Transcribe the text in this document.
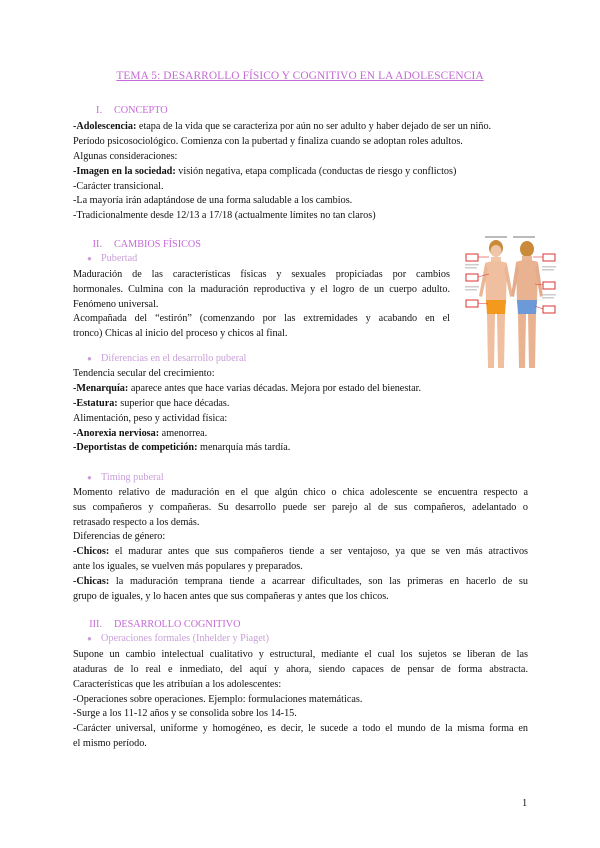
TEMA 5: DESARROLLO FÍSICO Y COGNITIVO EN LA ADOLESCENCIA
I. CONCEPTO
-Adolescencia: etapa de la vida que se caracteriza por aún no ser adulto y haber dejado de ser un niño.
Período psicosociológico. Comienza con la pubertad y finaliza cuando se adoptan roles adultos.
Algunas consideraciones:
-Imagen en la sociedad: visión negativa, etapa complicada (conductas de riesgo y conflictos)
-Carácter transicional.
-La mayoría irán adaptándose de una forma saludable a los cambios.
-Tradicionalmente desde 12/13 a 17/18 (actualmente límites no tan claros)
II. CAMBIOS FÍSICOS
● Pubertad
Maduración de las características físicas y sexuales propiciadas por cambios
hormonales. Culmina con la maduración reproductiva y el logro de un cuerpo adulto.
Fenómeno universal.
Acompañada del “estirón” (comenzando por las extremidades y acabando en el
tronco) Chicas al inicio del proceso y chicos al final.
● Diferencias en el desarrollo puberal
Tendencia secular del crecimiento:
-Menarquía: aparece antes que hace varias décadas. Mejora por estado del bienestar.
-Estatura: superior que hace décadas.
Alimentación, peso y actividad física:
-Anorexia nerviosa: amenorrea.
-Deportistas de competición: menarquía más tardía.
● Timing puberal
Momento relativo de maduración en el que algún chico o chica adolescente se encuentra respecto a
sus compañeros y compañeras. Su desarrollo puede ser parejo al de sus compañeros, adelantado o
retrasado respecto a los demás.
Diferencias de género:
-Chicos: el madurar antes que sus compañeros tiende a ser ventajoso, ya que se ven más atractivos
ante los iguales, se vuelven más populares y preparados.
-Chicas: la maduración temprana tiende a acarrear dificultades, son las primeras en hacerlo de su
grupo de iguales, y lo hacen antes que sus compañeras y antes que los chicos.
III. DESARROLLO COGNITIVO
● Operaciones formales (Inhelder y Piaget)
Supone un cambio intelectual cualitativo y estructural, mediante el cual los sujetos se liberan de las
ataduras de lo real e inmediato, del aquí y ahora, siendo capaces de pensar de forma abstracta.
Características que les atribuían a los adolescentes:
-Operaciones sobre operaciones. Ejemplo: formulaciones matemáticas.
-Surge a los 11-12 años y se consolida sobre los 14-15.
-Carácter universal, uniforme y homogéneo, es decir, le sucede a todo el mundo de la misma forma en
el mismo período.
1
